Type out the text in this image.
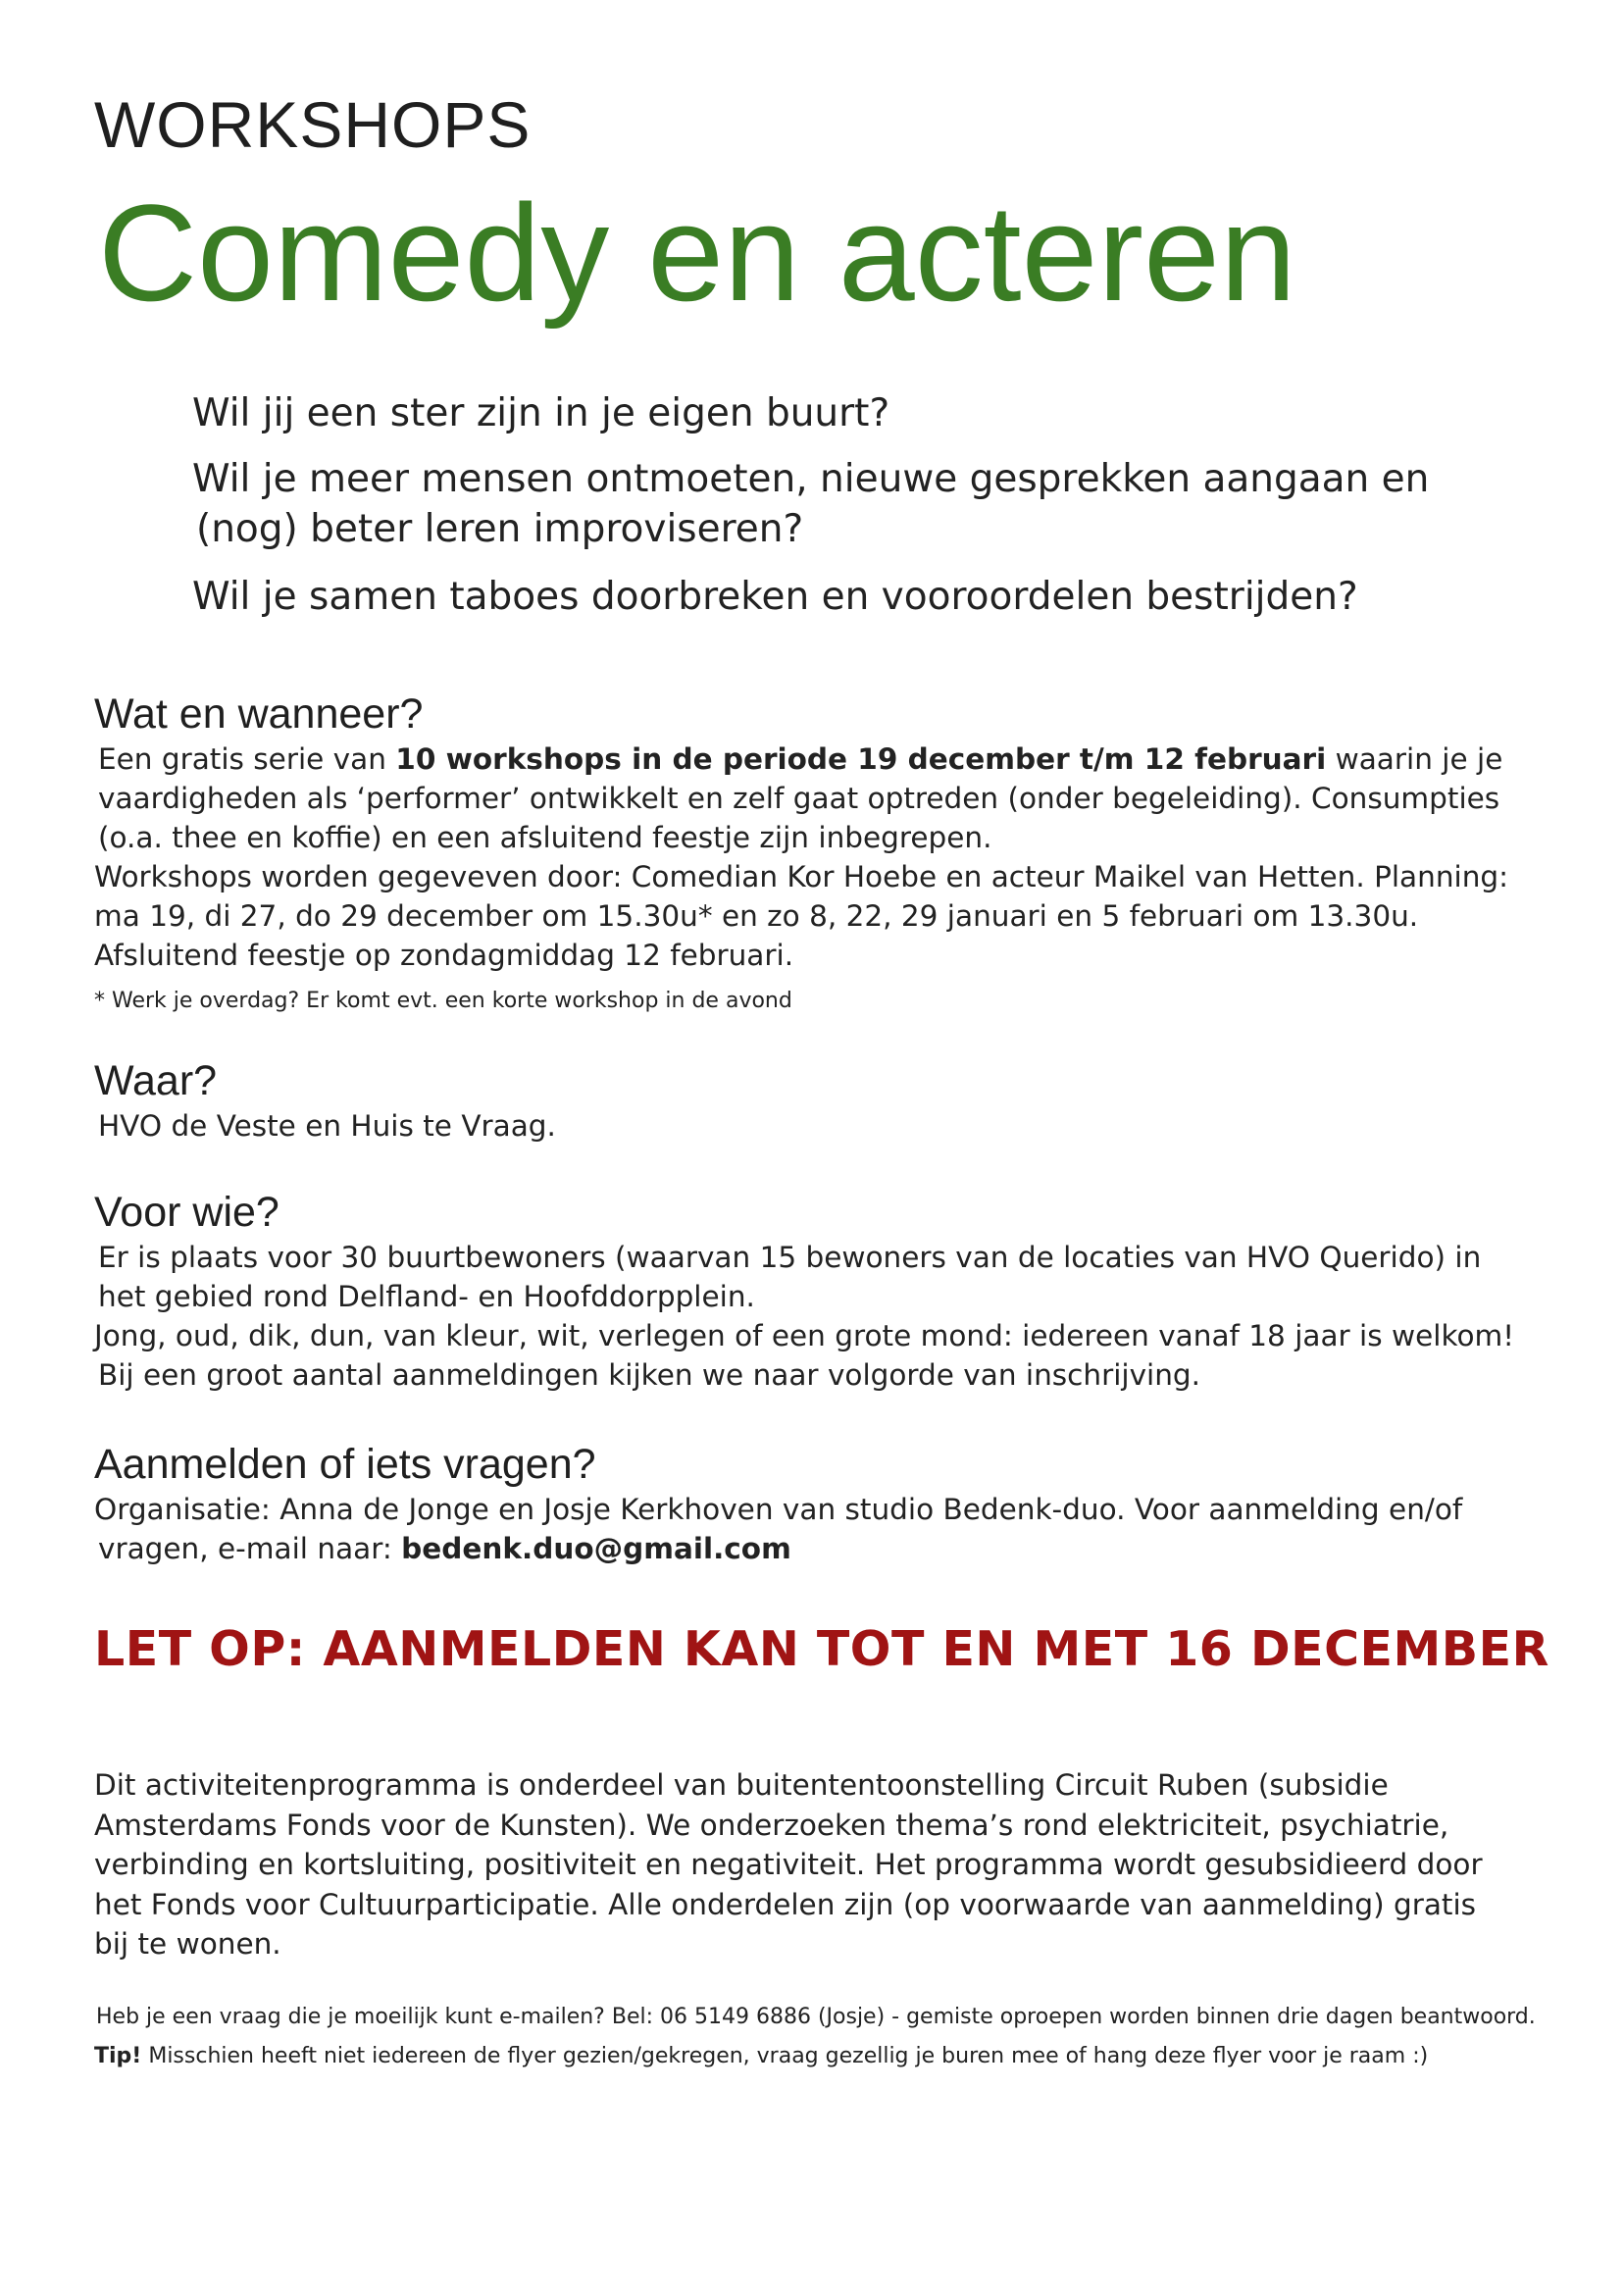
WORKSHOPS
Comedy en acteren

Wil jij een ster zijn in je eigen buurt?

Wil je meer mensen ontmoeten, nieuwe gesprekken aangaan en
(nog) beter leren improviseren?

Wil je samen taboes doorbreken en vooroordelen bestrijden?

Wat en wanneer?

Een gratis serie van 10 workshops in de periode 19 december t/m 12 februari waarin je je vaardigheden als ‘performer’ ontwikkelt en zelf gaat optreden (onder begeleiding). Consumpties (o.a. thee en koffie) en een afsluitend feestje zijn inbegrepen.

Workshops worden gegeveven door: Comedian Kor Hoebe en acteur Maikel van Hetten. Planning: ma 19, di 27, do 29 december om 15.30u* en zo 8, 22, 29 januari en 5 februari om 13.30u. Afsluitend feestje op zondagmiddag 12 februari.

* Werk je overdag? Er komt evt. een korte workshop in de avond

Waar?

HVO de Veste en Huis te Vraag.

Voor wie?

Er is plaats voor 30 buurtbewoners (waarvan 15 bewoners van de locaties van HVO Querido) in het gebied rond Delfland- en Hoofddorpplein.

Jong, oud, dik, dun, van kleur, wit, verlegen of een grote mond: iedereen vanaf 18 jaar is welkom!

Bij een groot aantal aanmeldingen kijken we naar volgorde van inschrijving.

Aanmelden of iets vragen?

Organisatie: Anna de Jonge en Josje Kerkhoven van studio Bedenk-duo. Voor aanmelding en/of

vragen, e-mail naar: bedenk.duo@gmail.com

LET OP: AANMELDEN KAN TOT EN MET 16 DECEMBER

Dit activiteitenprogramma is onderdeel van buitententoonstelling Circuit Ruben (subsidie Amsterdams Fonds voor de Kunsten). We onderzoeken thema’s rond elektriciteit, psychiatrie, verbinding en kortsluiting, positiviteit en negativiteit. Het programma wordt gesubsidieerd door het Fonds voor Cultuurparticipatie. Alle onderdelen zijn (op voorwaarde van aanmelding) gratis bij te wonen.

Heb je een vraag die je moeilijk kunt e-mailen? Bel: 06 5149 6886 (Josje) - gemiste oproepen worden binnen drie dagen beantwoord.

Tip! Misschien heeft niet iedereen de flyer gezien/gekregen, vraag gezellig je buren mee of hang deze flyer voor je raam :)
